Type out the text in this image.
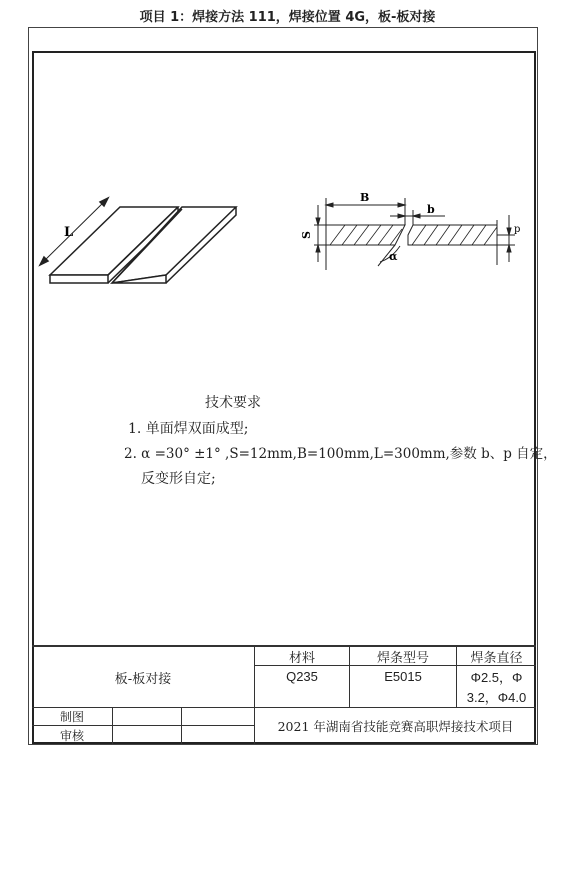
项目 1：焊接方法 111，焊接位置 4G，板-板对接
L
B
b
S
p
α
技术要求
1. 单面焊双面成型;
2. α =30° ±1° ,S=12mm,B=100mm,L=300mm,参数 b、p 自定，
反变形自定;
板-板对接
材料	焊条型号	焊条直径
Q235	E5015	Φ2.5，Φ
3.2，Φ4.0
制图
审核
2021 年湖南省技能竞赛高职焊接技术项目
